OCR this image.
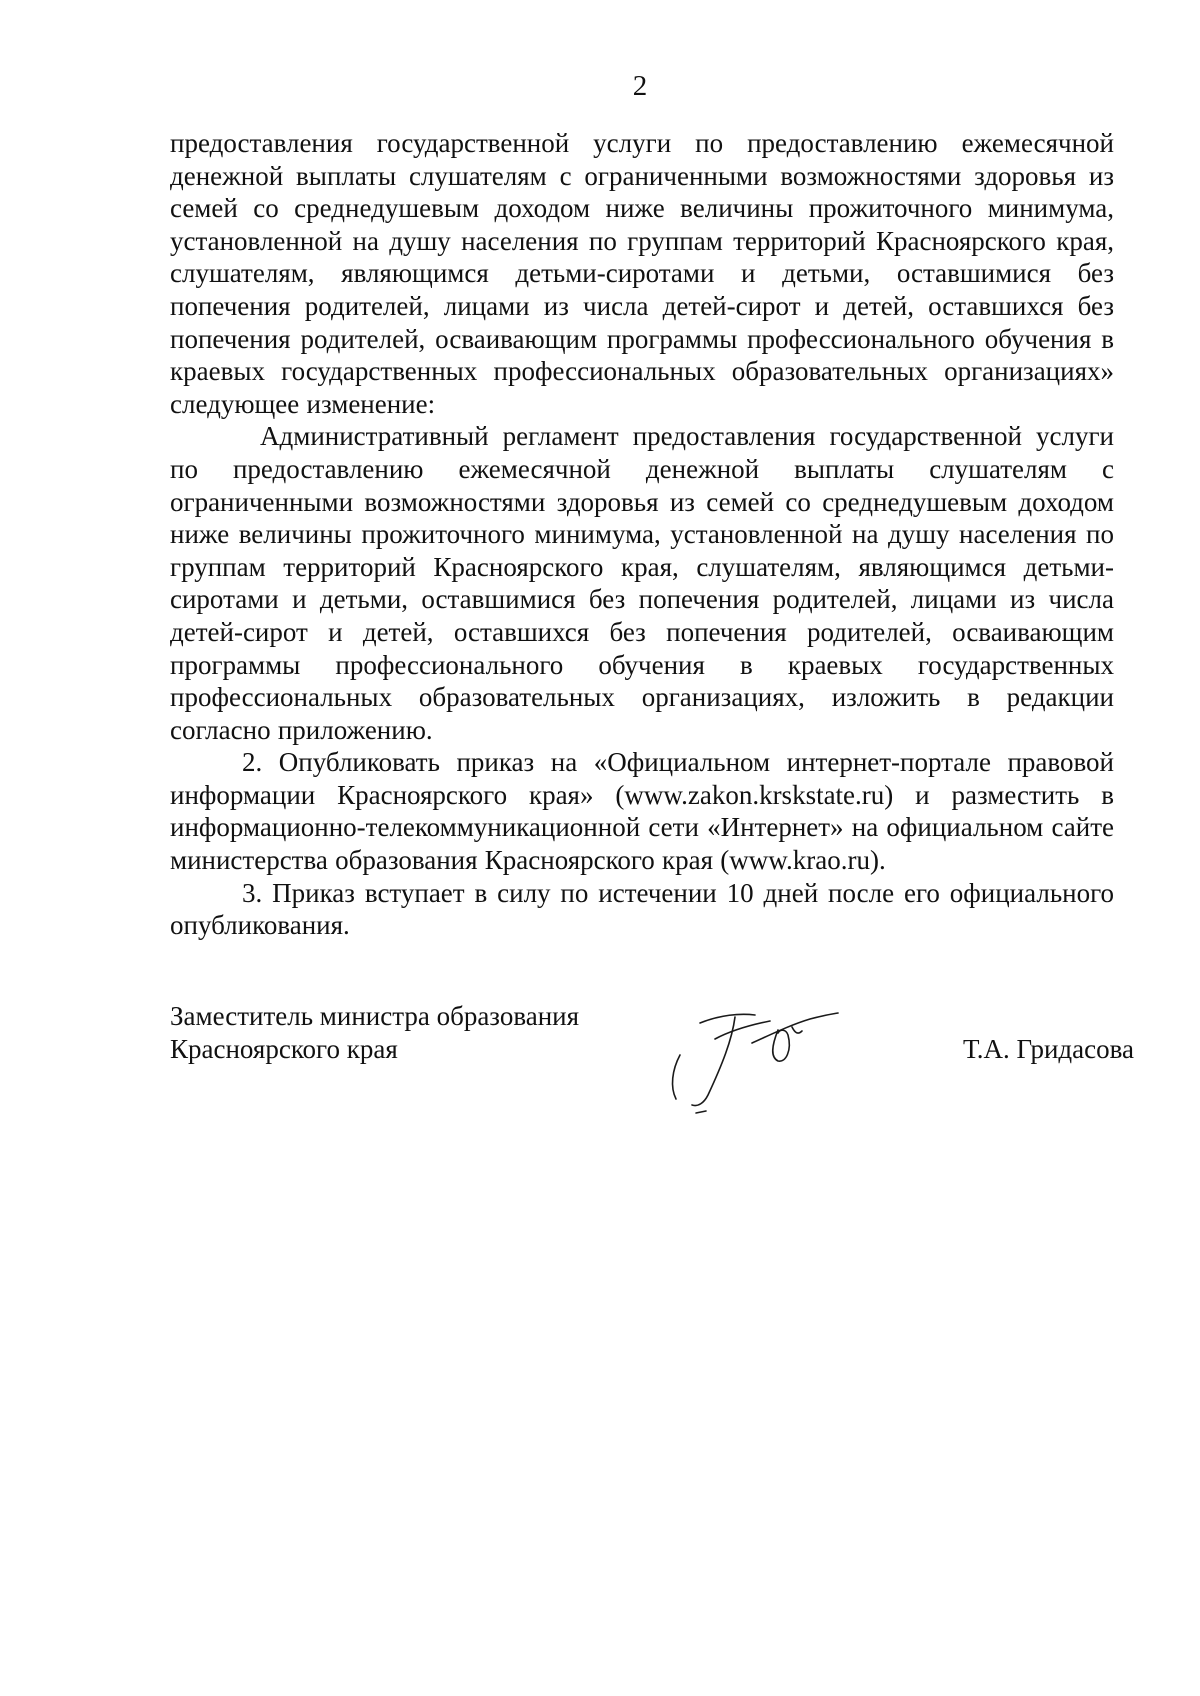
2

предоставления государственной услуги по предоставлению ежемесячной денежной выплаты слушателям с ограниченными возможностями здоровья из семей со среднедушевым доходом ниже величины прожиточного минимума, установленной на душу населения по группам территорий Красноярского края, слушателям, являющимся детьми-сиротами и детьми, оставшимися без попечения родителей, лицами из числа детей-сирот и детей, оставшихся без попечения родителей, осваивающим программы профессионального обучения в краевых государственных профессиональных образовательных организациях» следующее изменение:

Административный регламент предоставления государственной услуги по предоставлению ежемесячной денежной выплаты слушателям с ограниченными возможностями здоровья из семей со среднедушевым доходом ниже величины прожиточного минимума, установленной на душу населения по группам территорий Красноярского края, слушателям, являющимся детьми-сиротами и детьми, оставшимися без попечения родителей, лицами из числа детей-сирот и детей, оставшихся без попечения родителей, осваивающим программы профессионального обучения в краевых государственных профессиональных образовательных организациях, изложить в редакции согласно приложению.

2. Опубликовать приказ на «Официальном интернет-портале правовой информации Красноярского края» (www.zakon.krskstate.ru) и разместить в информационно-телекоммуникационной сети «Интернет» на официальном сайте министерства образования Красноярского края (www.krao.ru).

3. Приказ вступает в силу по истечении 10 дней после его официального опубликования.

Заместитель министра образования
Красноярского края	Т.А. Гридасова
